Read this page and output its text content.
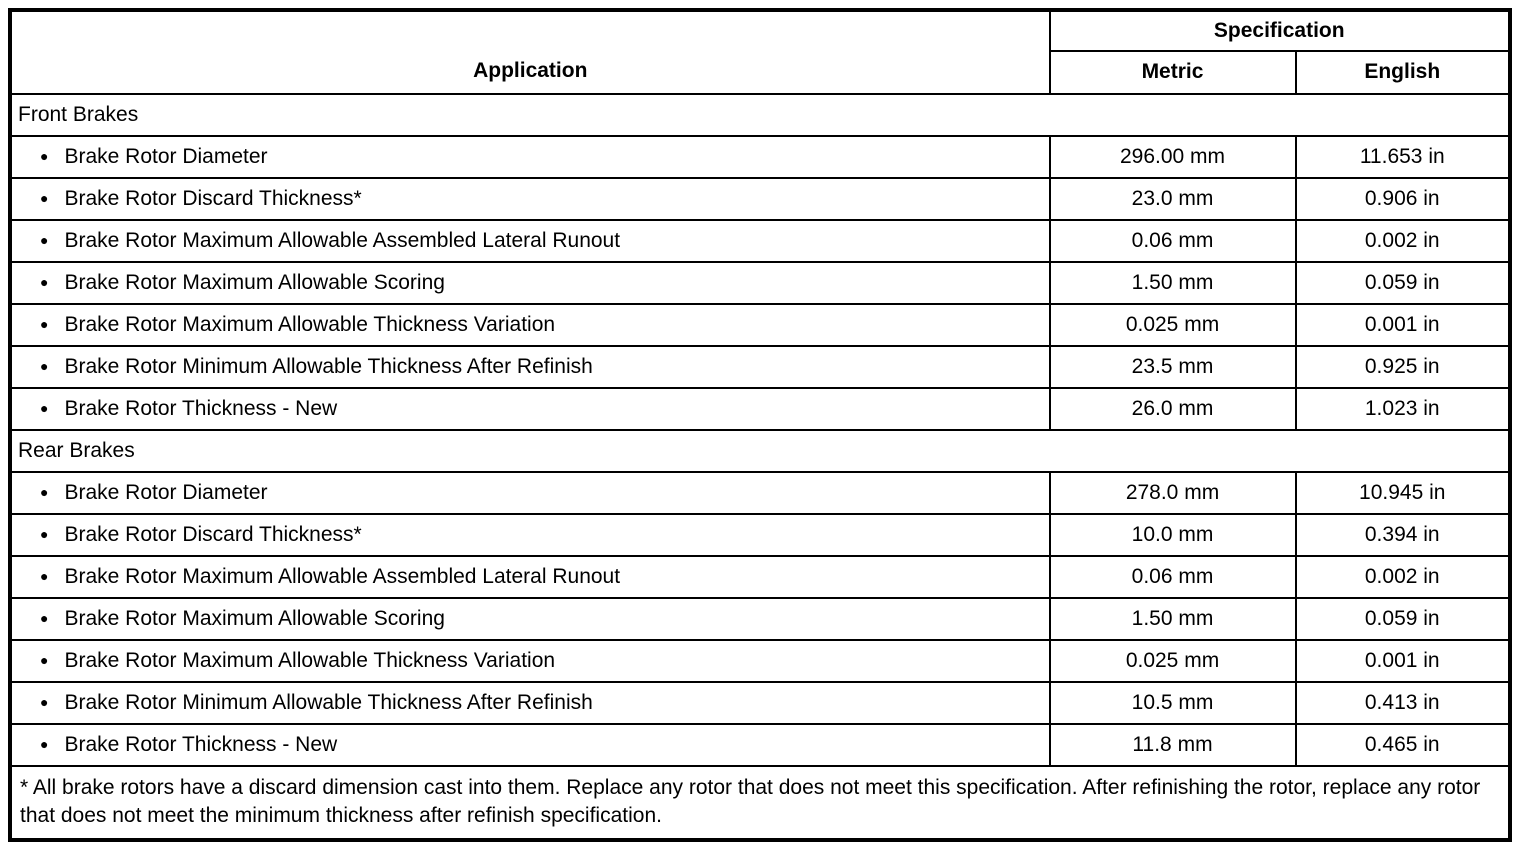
Application	Specification	
	Metric	English
Front Brakes		
● Brake Rotor Diameter	296.00 mm	11.653 in
● Brake Rotor Discard Thickness*	23.0 mm	0.906 in
● Brake Rotor Maximum Allowable Assembled Lateral Runout	0.06 mm	0.002 in
● Brake Rotor Maximum Allowable Scoring	1.50 mm	0.059 in
● Brake Rotor Maximum Allowable Thickness Variation	0.025 mm	0.001 in
● Brake Rotor Minimum Allowable Thickness After Refinish	23.5 mm	0.925 in
● Brake Rotor Thickness - New	26.0 mm	1.023 in
Rear Brakes		
● Brake Rotor Diameter	278.0 mm	10.945 in
● Brake Rotor Discard Thickness*	10.0 mm	0.394 in
● Brake Rotor Maximum Allowable Assembled Lateral Runout	0.06 mm	0.002 in
● Brake Rotor Maximum Allowable Scoring	1.50 mm	0.059 in
● Brake Rotor Maximum Allowable Thickness Variation	0.025 mm	0.001 in
● Brake Rotor Minimum Allowable Thickness After Refinish	10.5 mm	0.413 in
● Brake Rotor Thickness - New	11.8 mm	0.465 in
* All brake rotors have a discard dimension cast into them. Replace any rotor that does not meet this specification. After refinishing the rotor, replace any rotor that does not meet the minimum thickness after refinish specification.		
